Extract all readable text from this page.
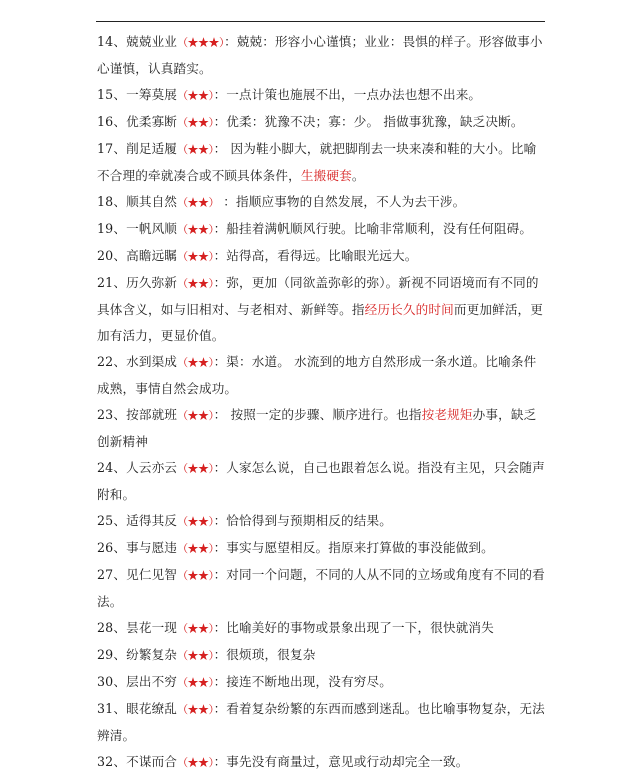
14、兢兢业业（★★★）：兢兢：形容小心谨慎；业业：畏惧的样子。形容做事小心谨慎，认真踏实。
15、一筹莫展（★★）：一点计策也施展不出，一点办法也想不出来。
16、优柔寡断（★★）：优柔：犹豫不决；寡：少。 指做事犹豫，缺乏决断。
17、削足适履（★★）： 因为鞋小脚大，就把脚削去一块来凑和鞋的大小。比喻不合理的牵就凑合或不顾具体条件，生搬硬套。
18、顺其自然（★★） ：指顺应事物的自然发展，不人为去干涉。
19、一帆风顺（★★）：船挂着满帆顺风行驶。比喻非常顺利，没有任何阻碍。
20、高瞻远瞩（★★）：站得高，看得远。比喻眼光远大。
21、历久弥新（★★）：弥，更加（同欲盖弥彰的弥）。新视不同语境而有不同的具体含义，如与旧相对、与老相对、新鲜等。指经历长久的时间而更加鲜活，更加有活力，更显价值。
22、水到渠成（★★）：渠：水道。 水流到的地方自然形成一条水道。比喻条件成熟，事情自然会成功。
23、按部就班（★★）： 按照一定的步骤、顺序进行。也指按老规矩办事，缺乏创新精神
24、人云亦云（★★）：人家怎么说，自己也跟着怎么说。指没有主见，只会随声附和。
25、适得其反（★★）：恰恰得到与预期相反的结果。
26、事与愿违（★★）：事实与愿望相反。指原来打算做的事没能做到。
27、见仁见智（★★）：对同一个问题，不同的人从不同的立场或角度有不同的看法。
28、昙花一现（★★）：比喻美好的事物或景象出现了一下，很快就消失
29、纷繁复杂（★★）：很烦琐，很复杂
30、层出不穷（★★）：接连不断地出现，没有穷尽。
31、眼花缭乱（★★）：看着复杂纷繁的东西而感到迷乱。也比喻事物复杂，无法辨清。
32、不谋而合（★★）：事先没有商量过，意见或行动却完全一致。
